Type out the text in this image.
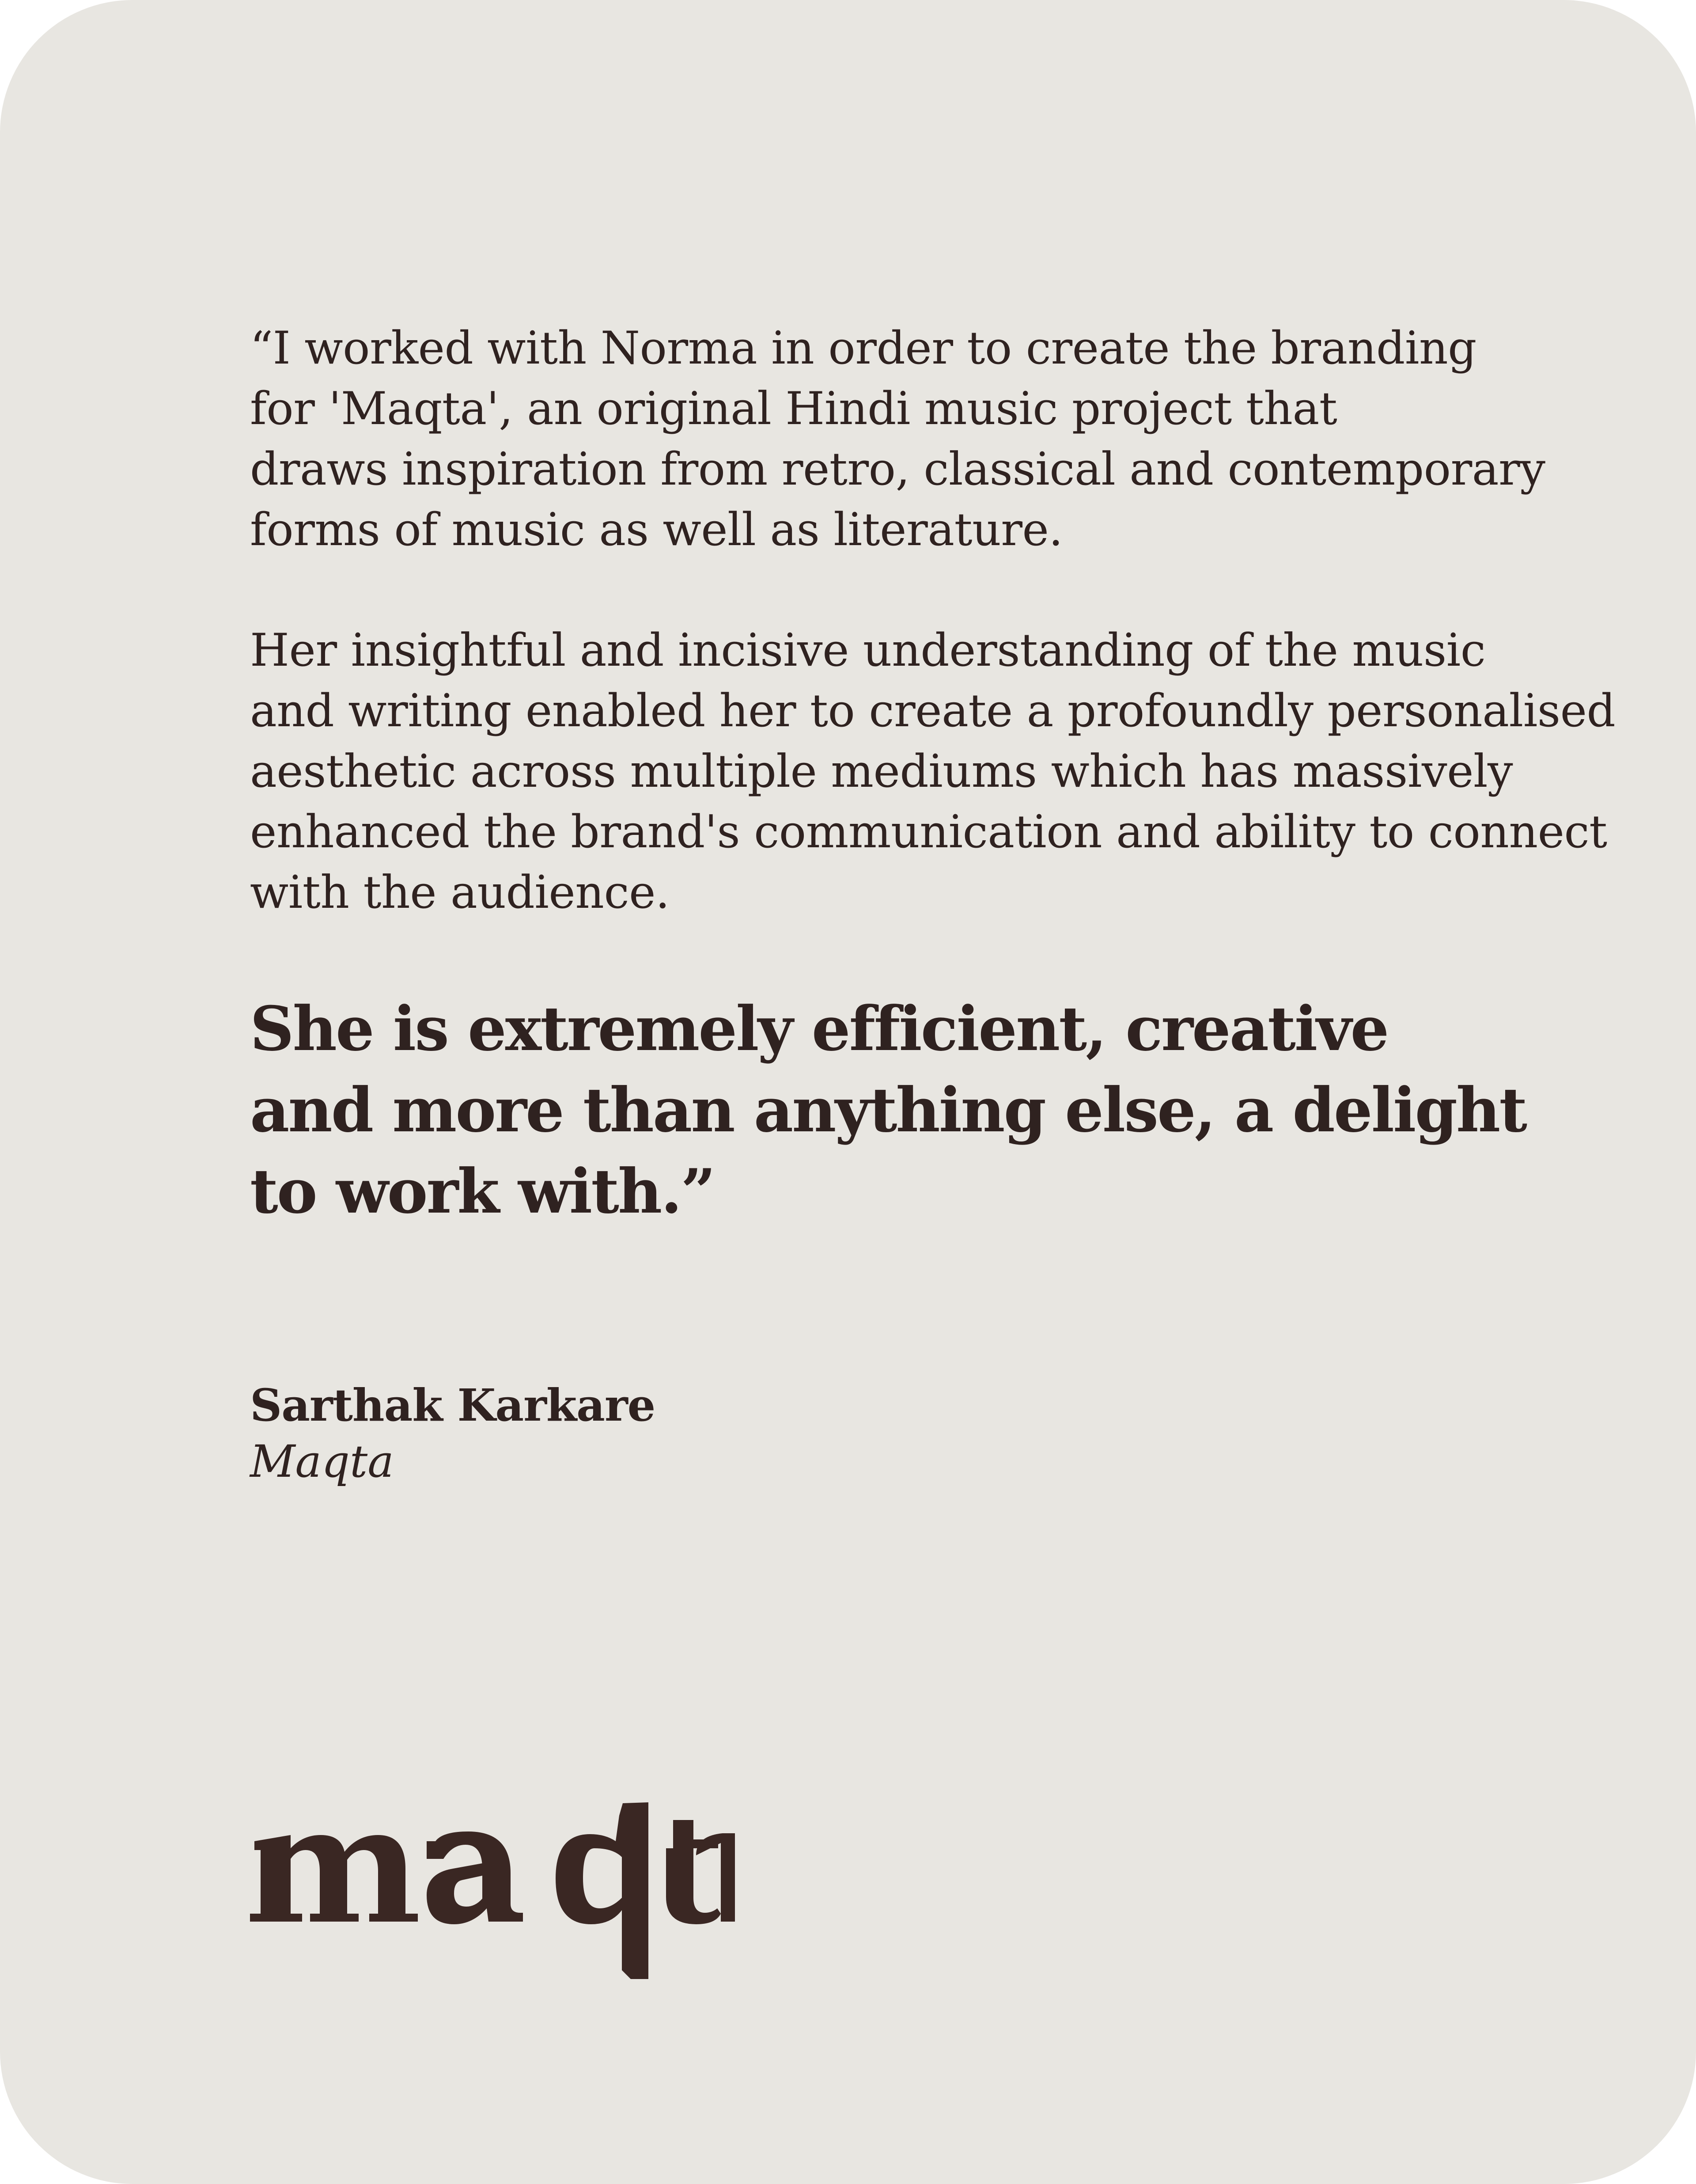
“I worked with Norma in order to create the branding
for 'Maqta', an original Hindi music project that
draws inspiration from retro, classical and contemporary
forms of music as well as literature.

Her insightful and incisive understanding of the music
and writing enabled her to create a profoundly personalised
aesthetic across multiple mediums which has massively
enhanced the brand's communication and ability to connect
with the audience.

She is extremely efficient, creative
and more than anything else, a delight
to work with.”

Sarthak Karkare
Maqta
